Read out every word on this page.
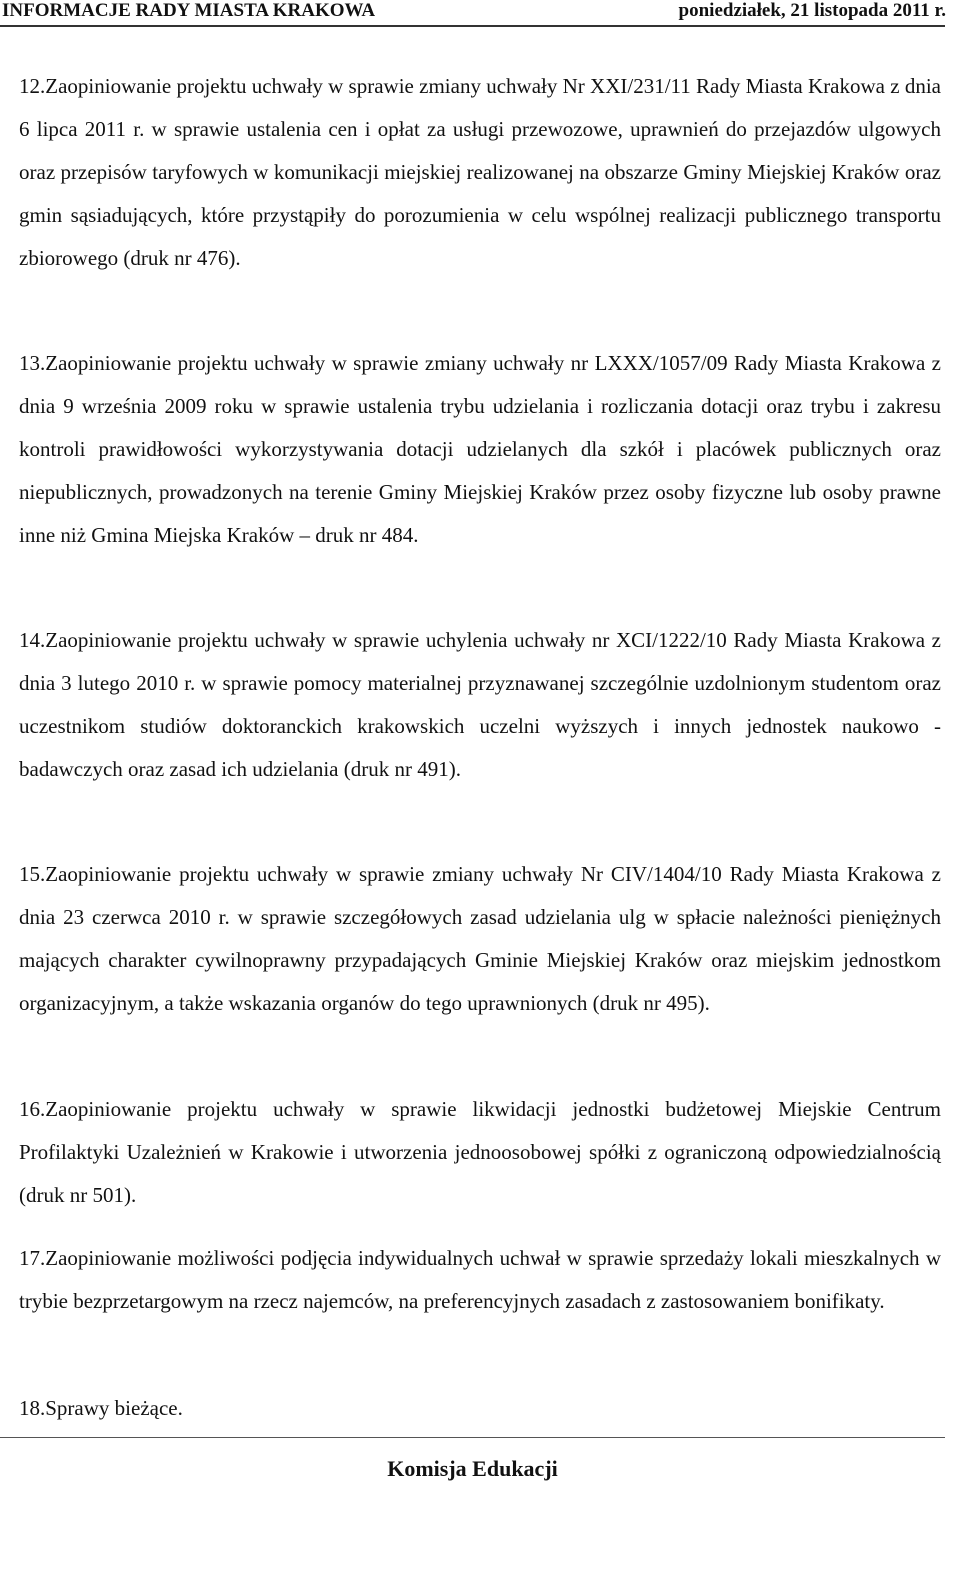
INFORMACJE RADY MIASTA KRAKOWA	poniedziałek, 21 listopada 2011 r.
12.Zaopiniowanie projektu uchwały w sprawie zmiany uchwały Nr XXI/231/11 Rady Miasta Krakowa z dnia 6 lipca 2011 r. w sprawie ustalenia cen i opłat za usługi przewozowe, uprawnień do przejazdów ulgowych oraz przepisów taryfowych w komunikacji miejskiej realizowanej na obszarze Gminy Miejskiej Kraków oraz gmin sąsiadujących, które przystąpiły do porozumienia w celu wspólnej realizacji publicznego transportu zbiorowego (druk nr 476).
13.Zaopiniowanie projektu uchwały w sprawie zmiany uchwały nr LXXX/1057/09 Rady Miasta Krakowa z dnia 9 września 2009 roku w sprawie ustalenia trybu udzielania i rozliczania dotacji oraz trybu i zakresu kontroli prawidłowości wykorzystywania dotacji udzielanych dla szkół i placówek publicznych oraz niepublicznych, prowadzonych na terenie Gminy Miejskiej Kraków przez osoby fizyczne lub osoby prawne inne niż Gmina Miejska Kraków – druk nr 484.
14.Zaopiniowanie projektu uchwały w sprawie uchylenia uchwały nr XCI/1222/10 Rady Miasta Krakowa z dnia 3 lutego 2010 r. w sprawie pomocy materialnej przyznawanej szczególnie uzdolnionym studentom oraz uczestnikom studiów doktoranckich krakowskich uczelni wyższych i innych jednostek naukowo - badawczych oraz zasad ich udzielania (druk nr 491).
15.Zaopiniowanie projektu uchwały w sprawie zmiany uchwały Nr CIV/1404/10 Rady Miasta Krakowa z dnia 23 czerwca 2010 r. w sprawie szczegółowych zasad udzielania ulg w spłacie należności pieniężnych mających charakter cywilnoprawny przypadających Gminie Miejskiej Kraków oraz miejskim jednostkom organizacyjnym, a także wskazania organów do tego uprawnionych (druk nr 495).
16.Zaopiniowanie projektu uchwały w sprawie likwidacji jednostki budżetowej Miejskie Centrum Profilaktyki Uzależnień w Krakowie i utworzenia jednoosobowej spółki z ograniczoną odpowiedzialnością (druk nr 501).
17.Zaopiniowanie możliwości podjęcia indywidualnych uchwał w sprawie sprzedaży lokali mieszkalnych w trybie bezprzetargowym na rzecz najemców, na preferencyjnych zasadach z zastosowaniem bonifikaty.
18.Sprawy bieżące.
Komisja Edukacji
